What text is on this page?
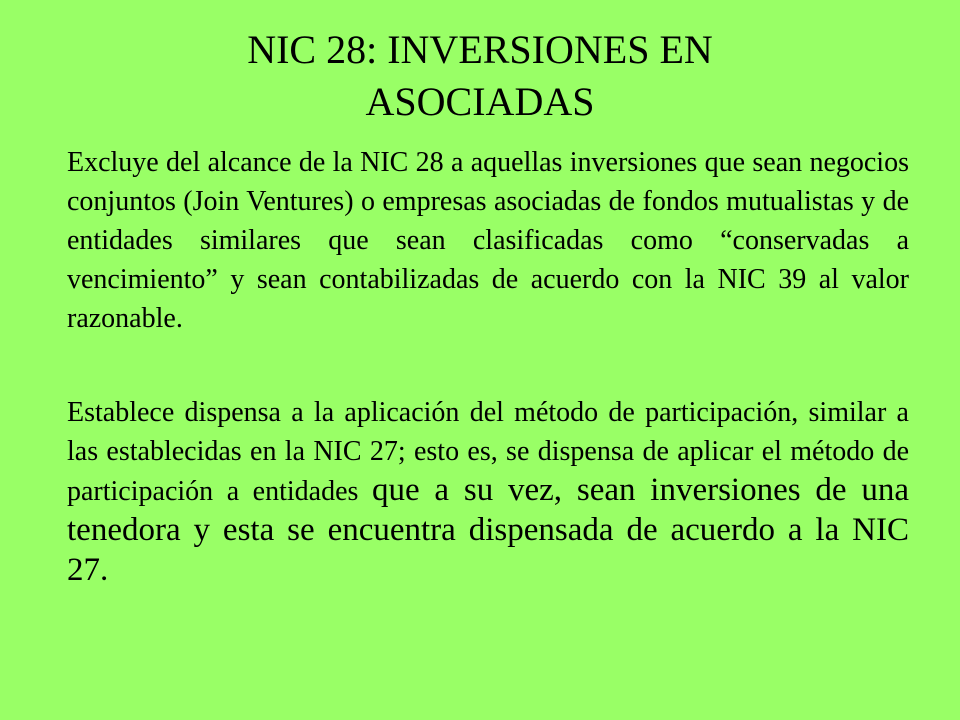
NIC 28: INVERSIONES EN
ASOCIADAS

Excluye del alcance de la NIC 28 a aquellas inversiones que sean negocios conjuntos (Join Ventures) o empresas asociadas de fondos mutualistas y de entidades similares que sean clasificadas como “conservadas a vencimiento” y sean contabilizadas de acuerdo con la NIC 39 al valor razonable.

Establece dispensa a la aplicación del método de participación, similar a las establecidas en la NIC 27; esto es, se dispensa de aplicar el método de participación a entidades que a su vez, sean inversiones de una tenedora y esta se encuentra dispensada de acuerdo a la NIC 27.
